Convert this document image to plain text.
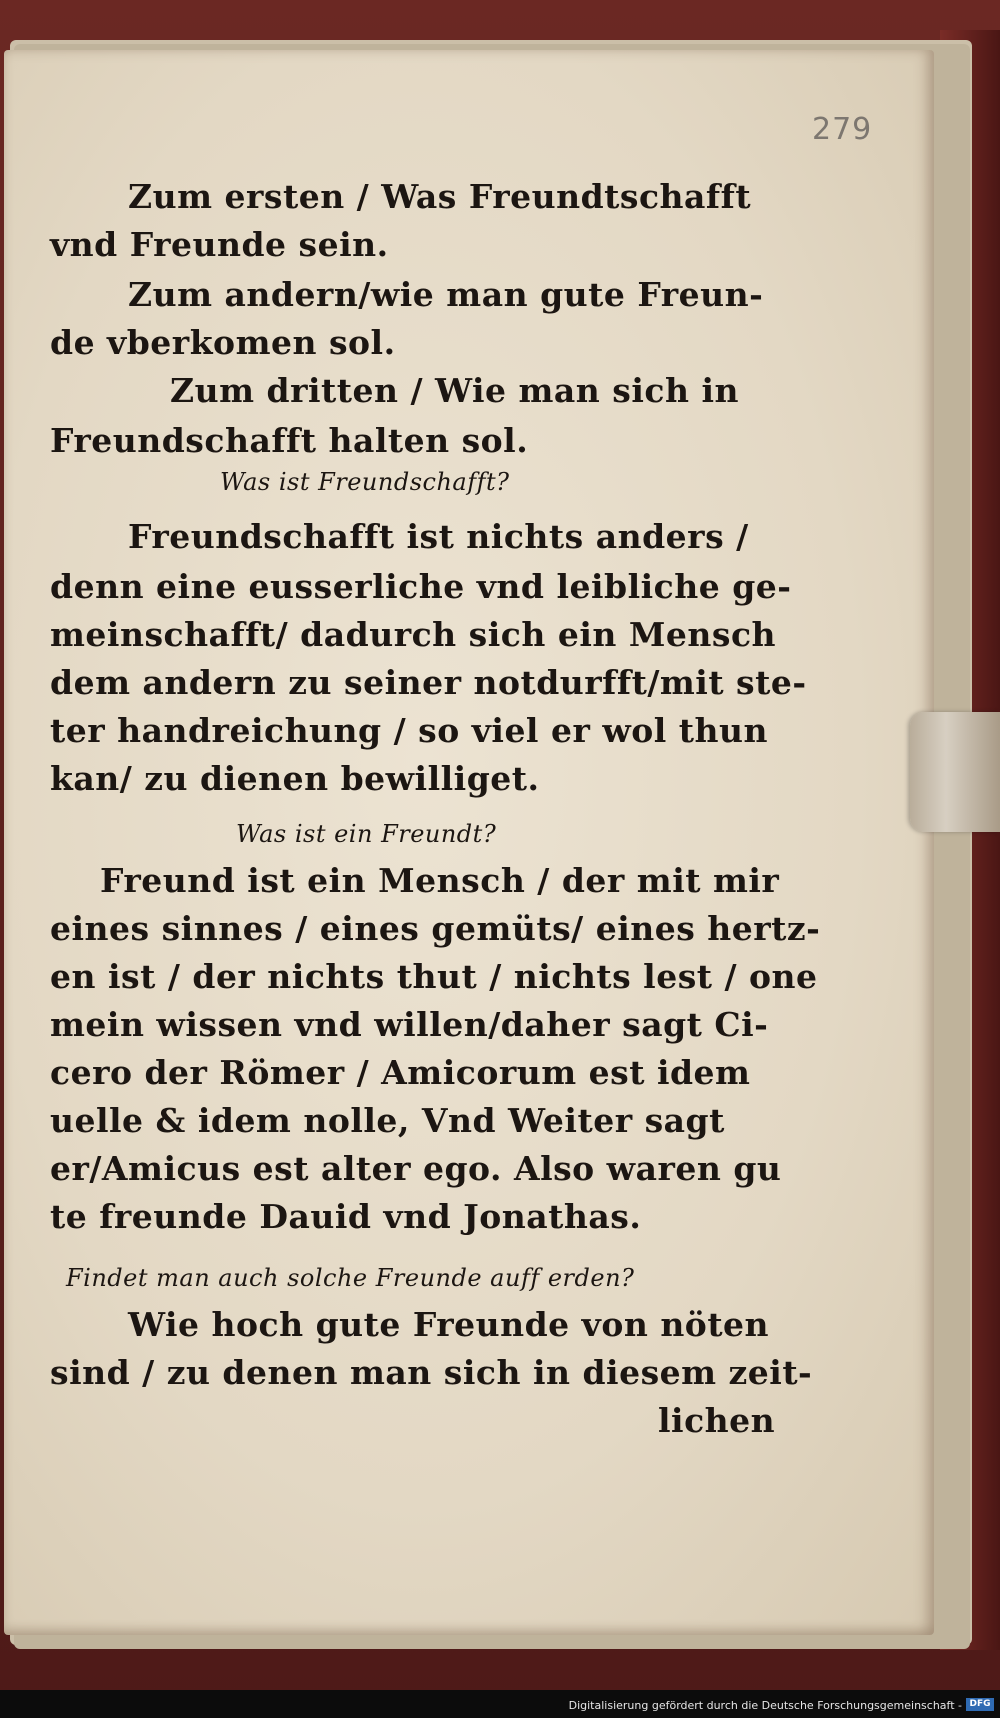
279
Zum ersten / Was Freundtschafft
vnd Freunde sein.
Zum andern/wie man gute Freun-
de vberkomen sol.
Zum dritten / Wie man sich in
Freundschafft halten sol.
Was ist Freundschafft?
Freundschafft ist nichts anders /
denn eine eusserliche vnd leibliche ge-
meinschafft/ dadurch sich ein Mensch
dem andern zu seiner notdurfft/mit ste-
ter handreichung / so viel er wol thun
kan/ zu dienen bewilliget.
Was ist ein Freundt?
Freund ist ein Mensch / der mit mir
eines sinnes / eines gemüts/ eines hertz-
en ist / der nichts thut / nichts lest / one
mein wissen vnd willen/daher sagt Ci-
cero der Römer / Amicorum est idem
uelle & idem nolle, Vnd Weiter sagt
er/Amicus est alter ego. Also waren gu
te freunde Dauid vnd Jonathas.
Findet man auch solche Freunde auff erden?
Wie hoch gute Freunde von nöten
sind / zu denen man sich in diesem zeit-
lichen
Digitalisierung gefördert durch die Deutsche Forschungsgemeinschaft - DFG
